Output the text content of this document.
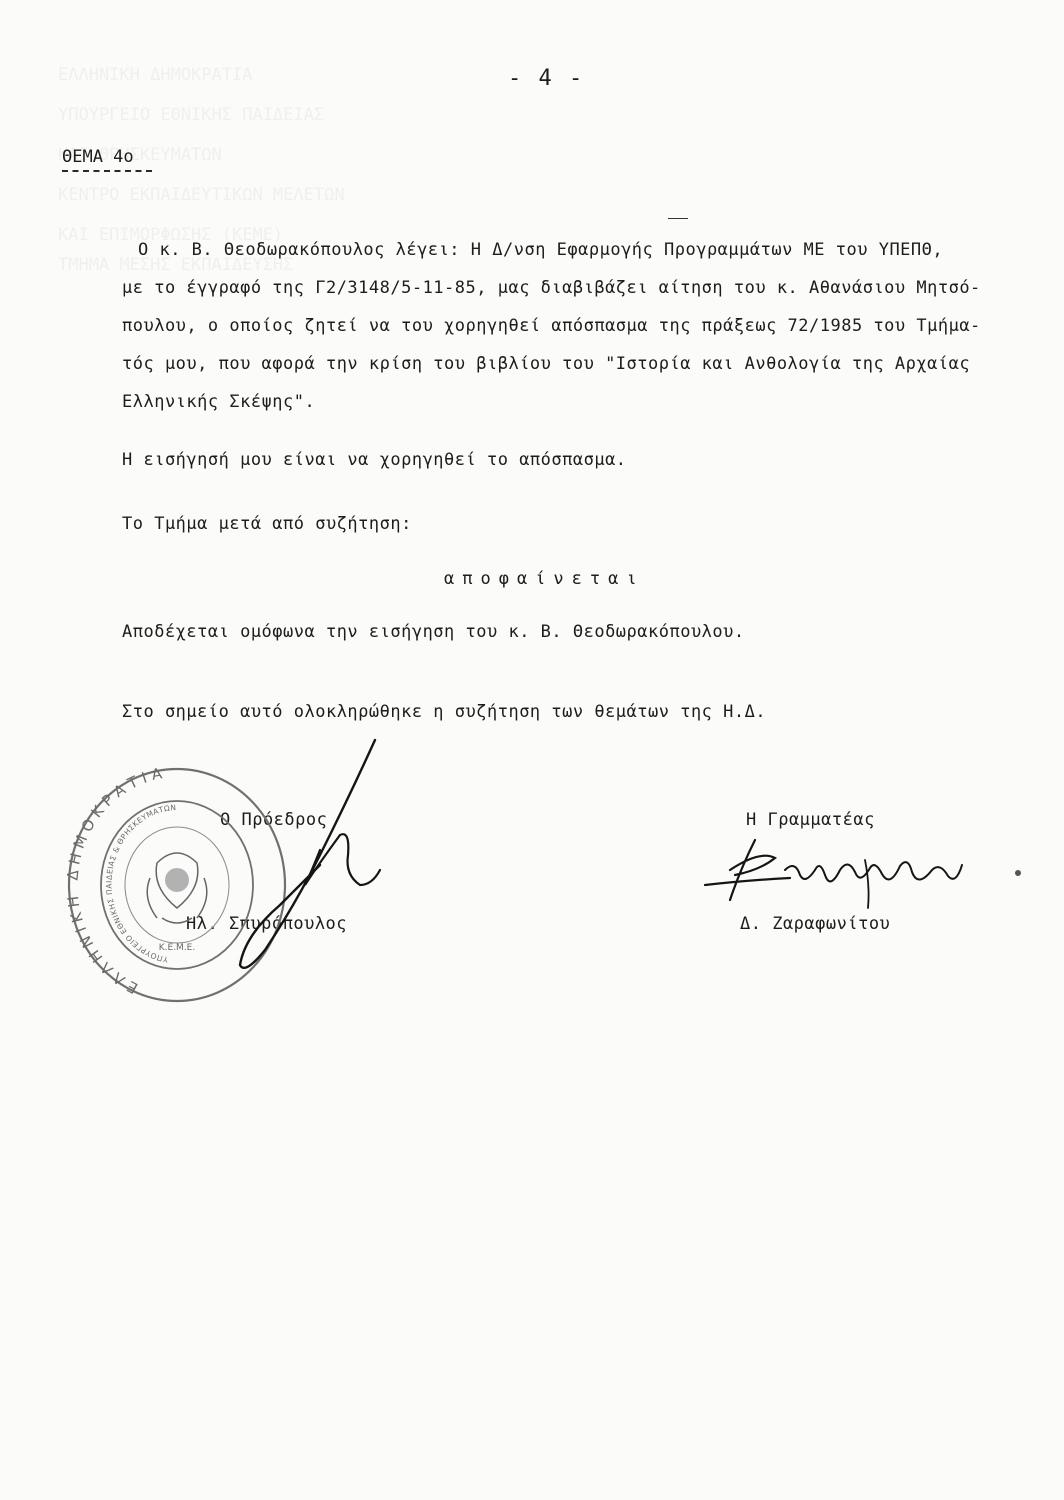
- 4 -
ΘΕΜΑ 4ο
Ο κ. Β. Θεοδωρακόπουλος λέγει: Η Δ/νση Εφαρμογής Προγραμμάτων ΜΕ του ΥΠΕΠΘ,
με το έγγραφό της Γ2/3148/5-11-85, μας διαβιβάζει αίτηση του κ. Αθανάσιου Μητσό-
πουλου, ο οποίος ζητεί να του χορηγηθεί απόσπασμα της πράξεως 72/1985 του Τμήμα-
τός μου, που αφορά την κρίση του βιβλίου του "Ιστορία και Ανθολογία της Αρχαίας
Ελληνικής Σκέψης".
Η εισήγησή μου είναι να χορηγηθεί το απόσπασμα.
Το Τμήμα μετά από συζήτηση:
αποφαίνεται
Αποδέχεται ομόφωνα την εισήγηση του κ. Β. Θεοδωρακόπουλου.
Στο σημείο αυτό ολοκληρώθηκε η συζήτηση των θεμάτων της Η.Δ.
Ο Πρόεδρος	Η Γραμματέας
Ηλ. Σπυρόπουλος	Δ. Ζαραφωνίτου
ΕΛΛΗΝΙΚΗ ΔΗΜΟΚΡΑΤΙΑ
ΥΠΟΥΡΓΕΙΟ ΕΘΝΙΚΗΣ ΠΑΙΔΕΙΑΣ & ΘΡΗΣΚΕΥΜΑΤΩΝ
Κ.Ε.Μ.Ε.
